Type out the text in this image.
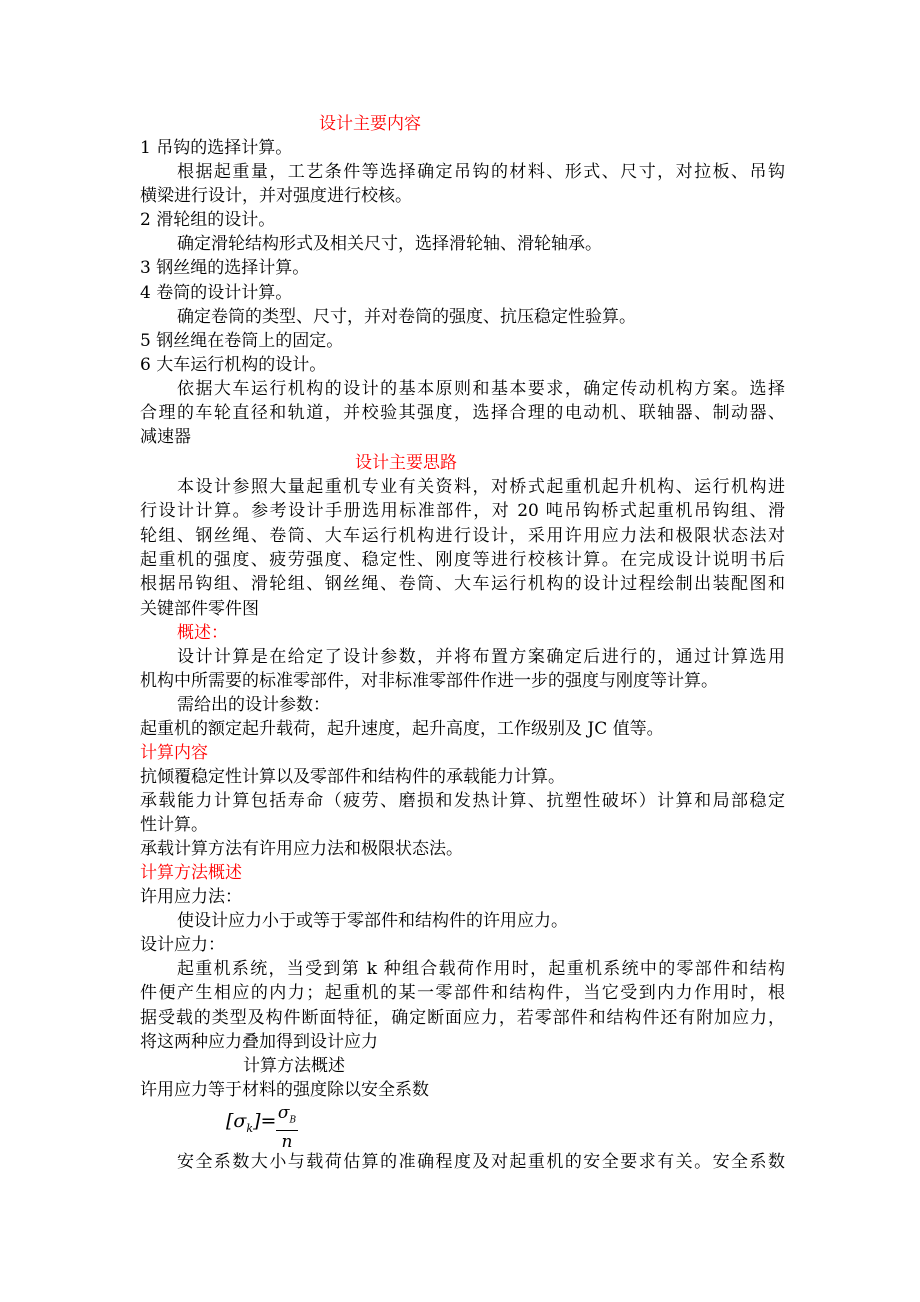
设计主要内容

1 吊钩的选择计算。

根据起重量，工艺条件等选择确定吊钩的材料、形式、尺寸，对拉板、吊钩

横梁进行设计，并对强度进行校核。

2 滑轮组的设计。

确定滑轮结构形式及相关尺寸，选择滑轮轴、滑轮轴承。

3 钢丝绳的选择计算。

4 卷筒的设计计算。

确定卷筒的类型、尺寸，并对卷筒的强度、抗压稳定性验算。

5 钢丝绳在卷筒上的固定。

6 大车运行机构的设计。

依据大车运行机构的设计的基本原则和基本要求，确定传动机构方案。选择

合理的车轮直径和轨道，并校验其强度，选择合理的电动机、联轴器、制动器、

减速器

设计主要思路

本设计参照大量起重机专业有关资料，对桥式起重机起升机构、运行机构进

行设计计算。参考设计手册选用标准部件，对 20 吨吊钩桥式起重机吊钩组、滑

轮组、钢丝绳、卷筒、大车运行机构进行设计，采用许用应力法和极限状态法对

起重机的强度、疲劳强度、稳定性、刚度等进行校核计算。在完成设计说明书后

根据吊钩组、滑轮组、钢丝绳、卷筒、大车运行机构的设计过程绘制出装配图和

关键部件零件图

概述：

设计计算是在给定了设计参数，并将布置方案确定后进行的，通过计算选用

机构中所需要的标准零部件，对非标准零部件作进一步的强度与刚度等计算。

需给出的设计参数：

起重机的额定起升载荷，起升速度，起升高度，工作级别及 JC 值等。

计算内容

抗倾覆稳定性计算以及零部件和结构件的承载能力计算。

承载能力计算包括寿命（疲劳、磨损和发热计算、抗塑性破坏）计算和局部稳定

性计算。

承载计算方法有许用应力法和极限状态法。

计算方法概述

许用应力法：

使设计应力小于或等于零部件和结构件的许用应力。

设计应力：

起重机系统，当受到第 k 种组合载荷作用时，起重机系统中的零部件和结构

件便产生相应的内力；起重机的某一零部件和结构件，当它受到内力作用时，根

据受载的类型及构件断面特征，确定断面应力，若零部件和结构件还有附加应力，

将这两种应力叠加得到设计应力

计算方法概述

许用应力等于材料的强度除以安全系数

$[\sigma_k]= \sigma_B$
n

安全系数大小与载荷估算的准确程度及对起重机的安全要求有关。安全系数
